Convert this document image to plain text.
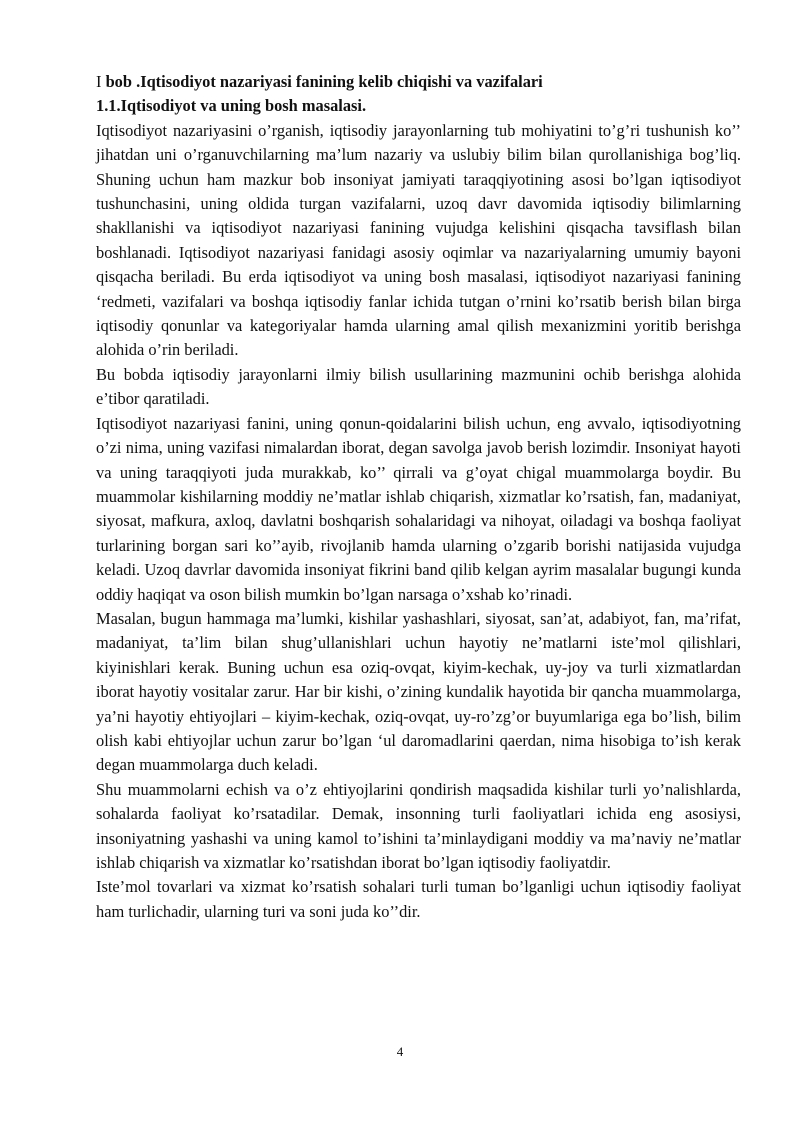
I bob .Iqtisodiyot nazariyasi fanining kelib chiqishi va vazifalari

1.1.Iqtisodiyot va uning bosh masalasi.

Iqtisodiyot nazariyasini o’rganish, iqtisodiy jarayonlarning tub mohiyatini to’g’ri tushunish ko’’ jihatdan uni o’rganuvchilarning ma’lum nazariy va uslubiy bilim bilan qurollanishiga bog’liq. Shuning uchun ham mazkur bob insoniyat jamiyati taraqqiyotining asosi bo’lgan iqtisodiyot tushunchasini, uning oldida turgan vazifalarni, uzoq davr davomida iqtisodiy bilimlarning shakllanishi va iqtisodiyot nazariyasi fanining vujudga kelishini qisqacha tavsiflash bilan boshlanadi. Iqtisodiyot nazariyasi fanidagi asosiy oqimlar va nazariyalarning umumiy bayoni qisqacha beriladi. Bu erda iqtisodiyot va uning bosh masalasi, iqtisodiyot nazariyasi fanining ‘redmeti, vazifalari va boshqa iqtisodiy fanlar ichida tutgan o’rnini ko’rsatib berish bilan birga iqtisodiy qonunlar va kategoriyalar hamda ularning amal qilish mexanizmini yoritib berishga alohida o’rin beriladi.

Bu bobda iqtisodiy jarayonlarni ilmiy bilish usullarining mazmunini ochib berishga alohida e’tibor qaratiladi.

Iqtisodiyot nazariyasi fanini, uning qonun-qoidalarini bilish uchun, eng avvalo, iqtisodiyotning o’zi nima, uning vazifasi nimalardan iborat, degan savolga javob berish lozimdir. Insoniyat hayoti va uning taraqqiyoti juda murakkab, ko’’ qirrali va g’oyat chigal muammolarga boydir. Bu muammolar kishilarning moddiy ne’matlar ishlab chiqarish, xizmatlar ko’rsatish, fan, madaniyat, siyosat, mafkura, axloq, davlatni boshqarish sohalaridagi va nihoyat, oiladagi va boshqa faoliyat turlarining borgan sari ko’’ayib, rivojlanib hamda ularning o’zgarib borishi natijasida vujudga keladi. Uzoq davrlar davomida insoniyat fikrini band qilib kelgan ayrim masalalar bugungi kunda oddiy haqiqat va oson bilish mumkin bo’lgan narsaga o’xshab ko’rinadi.

Masalan, bugun hammaga ma’lumki, kishilar yashashlari, siyosat, san’at, adabiyot, fan, ma’rifat, madaniyat, ta’lim bilan shug’ullanishlari uchun hayotiy ne’matlarni iste’mol qilishlari, kiyinishlari kerak. Buning uchun esa oziq-ovqat, kiyim-kechak, uy-joy va turli xizmatlardan iborat hayotiy vositalar zarur. Har bir kishi, o’zining kundalik hayotida bir qancha muammolarga, ya’ni hayotiy ehtiyojlari – kiyim-kechak, oziq-ovqat, uy-ro’zg’or buyumlariga ega bo’lish, bilim olish kabi ehtiyojlar uchun zarur bo’lgan ‘ul daromadlarini qaerdan, nima hisobiga to’ish kerak degan muammolarga duch keladi.

Shu muammolarni echish va o’z ehtiyojlarini qondirish maqsadida kishilar turli yo’nalishlarda, sohalarda faoliyat ko’rsatadilar. Demak, insonning turli faoliyatlari ichida eng asosiysi, insoniyatning yashashi va uning kamol to’ishini ta’minlaydigani moddiy va ma’naviy ne’matlar ishlab chiqarish va xizmatlar ko’rsatishdan iborat bo’lgan iqtisodiy faoliyatdir.

Iste’mol tovarlari va xizmat ko’rsatish sohalari turli tuman bo’lganligi uchun iqtisodiy faoliyat ham turlichadir, ularning turi va soni juda ko’’dir.

4
